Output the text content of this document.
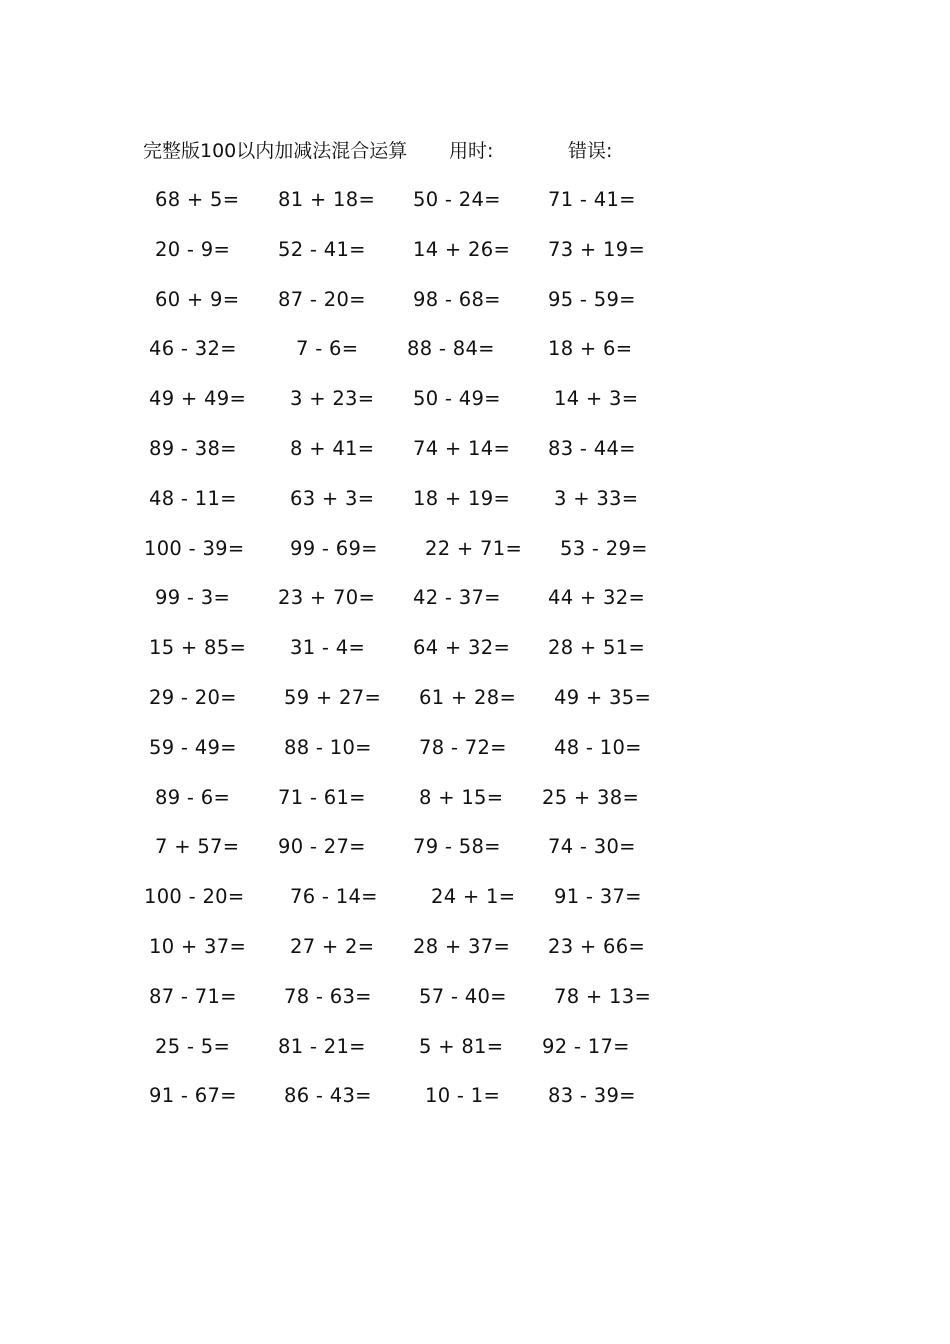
完整版100以内加减法混合运算 用时:	错误:
68 + 5= 81 + 18= 50 - 24= 71 - 41=
20 - 9= 52 - 41= 14 + 26= 73 + 19=
60 + 9= 87 - 20= 98 - 68= 95 - 59=
46 - 32=	7 - 6= 88 - 84=	18 + 6=
49 + 49= 3 + 23= 50 - 49=	14 + 3=
89 - 38=	8 + 41= 74 + 14= 83 - 44=
48 - 11=	63 + 3= 18 + 19= 3 + 33=
100 - 39= 99 - 69= 22 + 71= 53 - 29=
99 - 3= 23 + 70= 42 - 37= 44 + 32=
15 + 85= 31 - 4= 64 + 32= 28 + 51=
29 - 20= 59 + 27= 61 + 28= 49 + 35=
59 - 49= 88 - 10= 78 - 72= 48 - 10=
89 - 6= 71 - 61=	8 + 15= 25 + 38=
7 + 57= 90 - 27= 79 - 58= 74 - 30=
100 - 20= 76 - 14=	24 + 1= 91 - 37=
10 + 37= 27 + 2= 28 + 37= 23 + 66=
87 - 71= 78 - 63= 57 - 40= 78 + 13=
25 - 5= 81 - 21=	5 + 81= 92 - 17=
91 - 67= 86 - 43=	10 - 1= 83 - 39=
